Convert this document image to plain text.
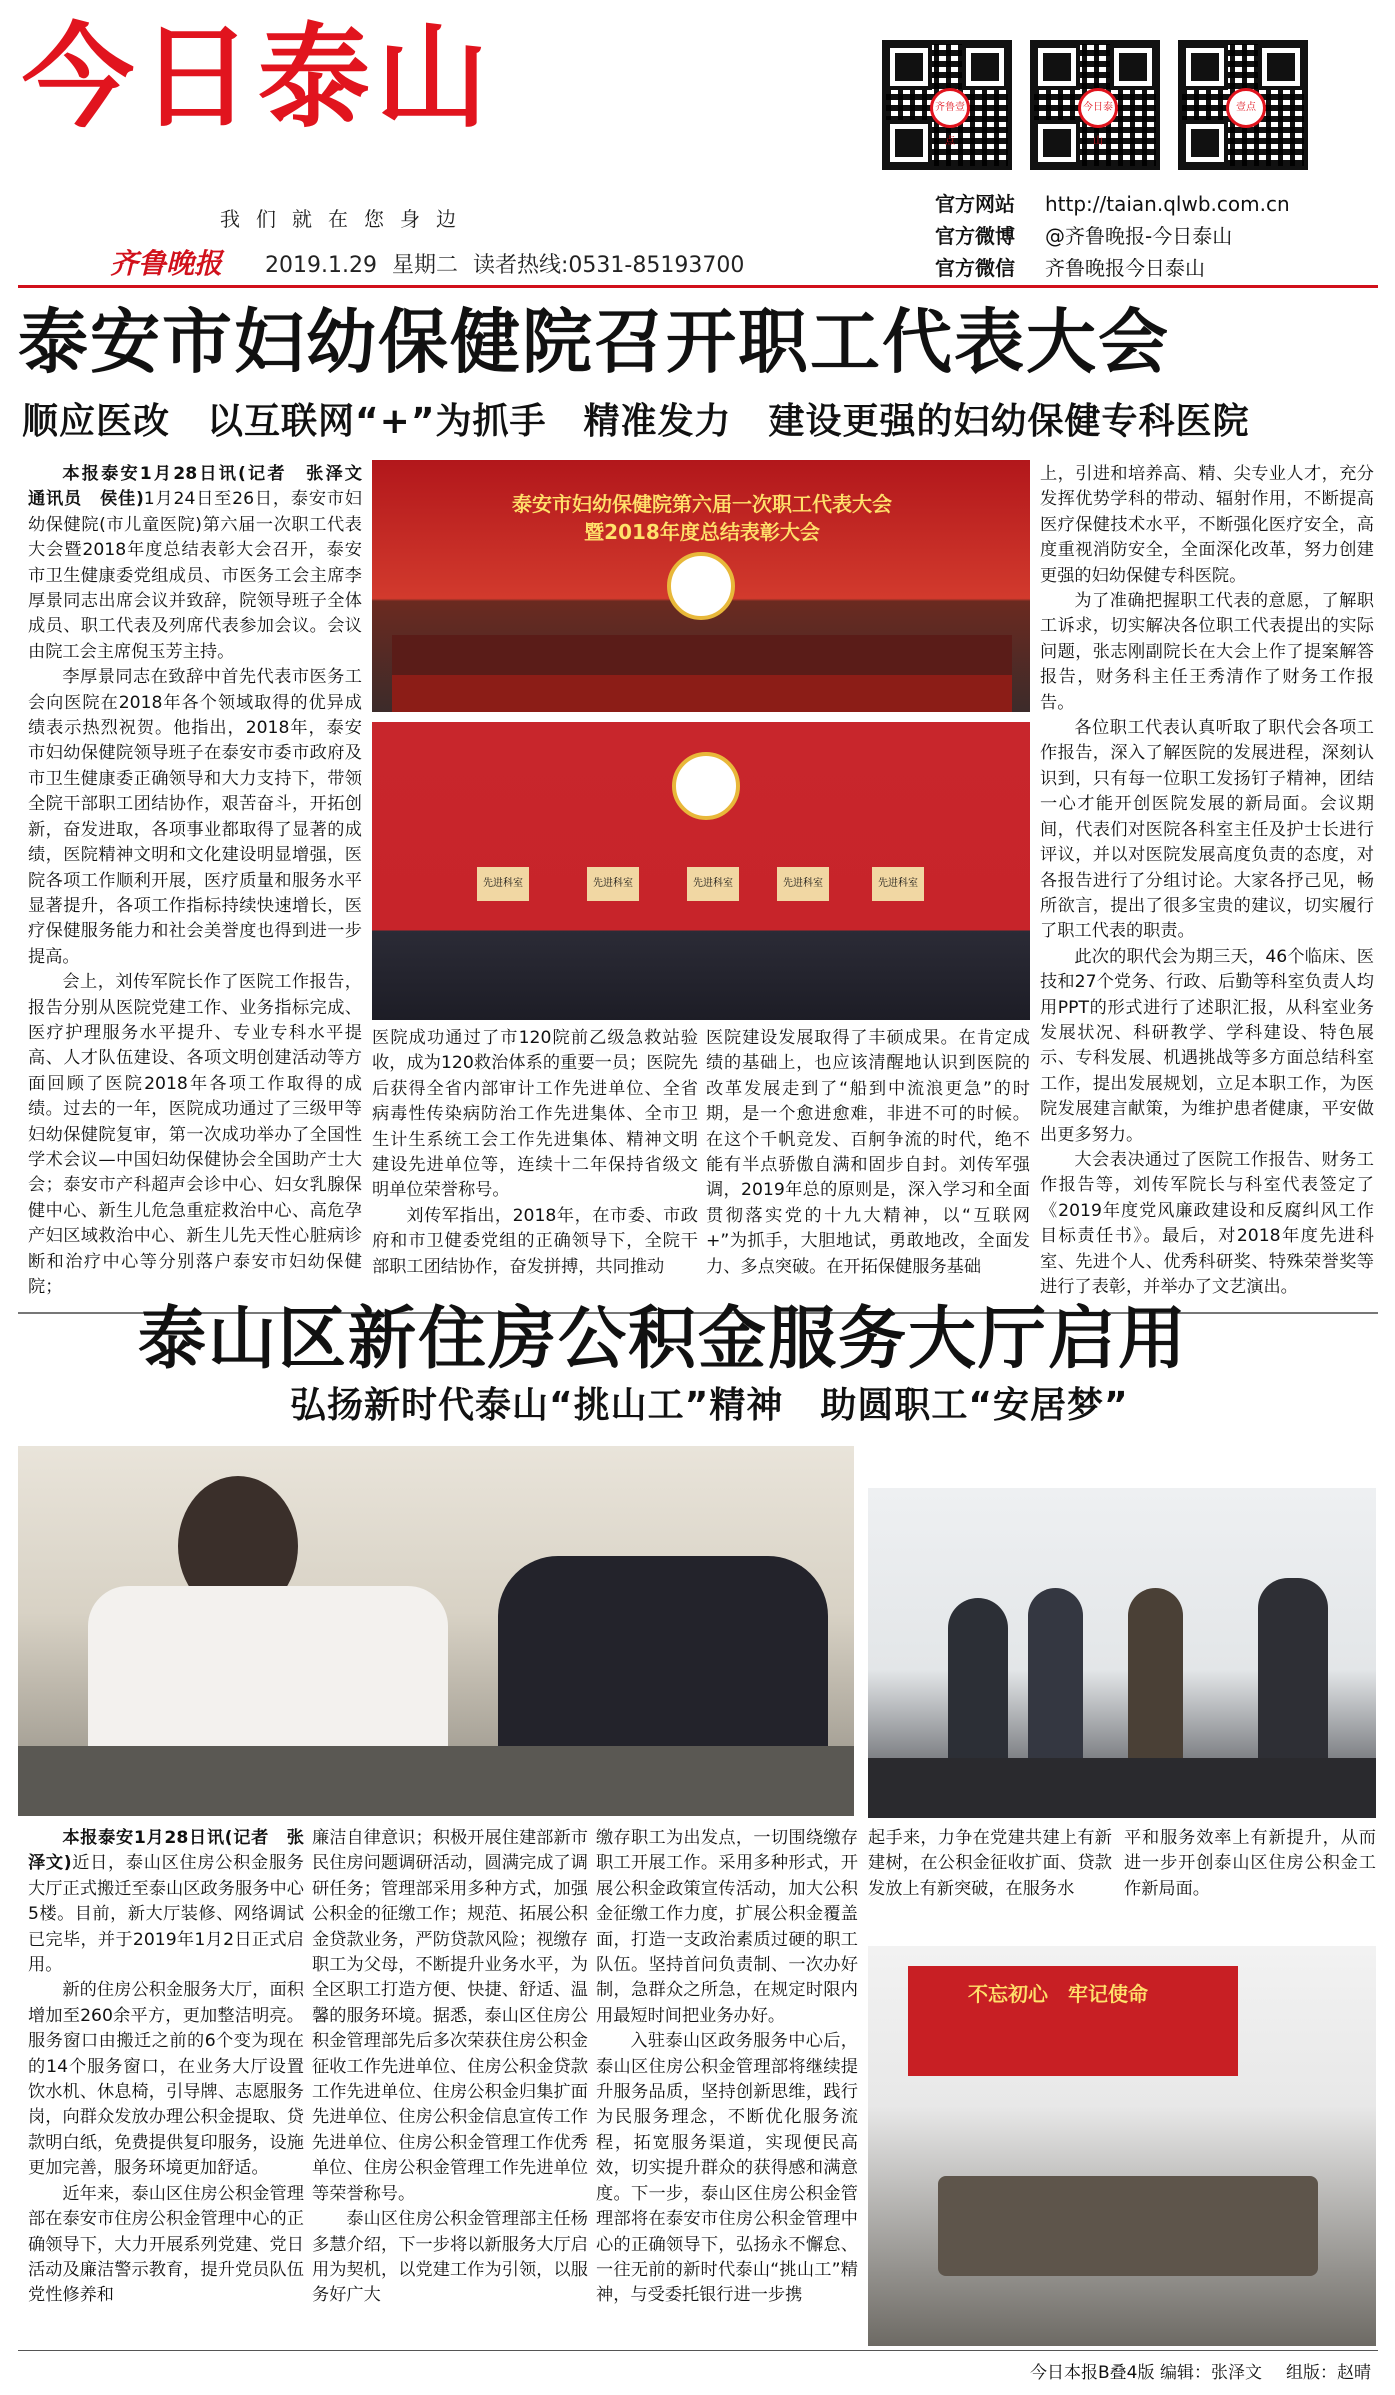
今日泰山
我们就在您身边
齐鲁晚报 2019.1.29 星期二 读者热线:0531-85193700
齐鲁壹点
今日泰山
壹点
官方网站 http://taian.qlwb.com.cn
官方微博 @齐鲁晚报-今日泰山
官方微信 齐鲁晚报今日泰山
泰安市妇幼保健院召开职工代表大会
顺应医改　以互联网“+”为抓手　精准发力　建设更强的妇幼保健专科医院
泰安市妇幼保健院第六届一次职工代表大会
暨2018年度总结表彰大会
先进科室	先进科室	先进科室	先进科室	先进科室

本报泰安1月28日讯(记者　张泽文　通讯员　侯佳)1月24日至26日，泰安市妇幼保健院(市儿童医院)第六届一次职工代表大会暨2018年度总结表彰大会召开，泰安市卫生健康委党组成员、市医务工会主席李厚景同志出席会议并致辞，院领导班子全体成员、职工代表及列席代表参加会议。会议由院工会主席倪玉芳主持。

李厚景同志在致辞中首先代表市医务工会向医院在2018年各个领域取得的优异成绩表示热烈祝贺。他指出，2018年，泰安市妇幼保健院领导班子在泰安市委市政府及市卫生健康委正确领导和大力支持下，带领全院干部职工团结协作，艰苦奋斗，开拓创新，奋发进取，各项事业都取得了显著的成绩，医院精神文明和文化建设明显增强，医院各项工作顺利开展，医疗质量和服务水平显著提升，各项工作指标持续快速增长，医疗保健服务能力和社会美誉度也得到进一步提高。

会上，刘传军院长作了医院工作报告，报告分别从医院党建工作、业务指标完成、医疗护理服务水平提升、专业专科水平提高、人才队伍建设、各项文明创建活动等方面回顾了医院2018年各项工作取得的成绩。过去的一年，医院成功通过了三级甲等妇幼保健院复审，第一次成功举办了全国性学术会议—中国妇幼保健协会全国助产士大会；泰安市产科超声会诊中心、妇女乳腺保健中心、新生儿危急重症救治中心、高危孕产妇区域救治中心、新生儿先天性心脏病诊断和治疗中心等分别落户泰安市妇幼保健院；

医院成功通过了市120院前乙级急救站验收，成为120救治体系的重要一员；医院先后获得全省内部审计工作先进单位、全省病毒性传染病防治工作先进集体、全市卫生计生系统工会工作先进集体、精神文明建设先进单位等，连续十二年保持省级文明单位荣誉称号。

刘传军指出，2018年，在市委、市政府和市卫健委党组的正确领导下，全院干部职工团结协作，奋发拼搏，共同推动

医院建设发展取得了丰硕成果。在肯定成绩的基础上，也应该清醒地认识到医院的改革发展走到了“船到中流浪更急”的时期，是一个愈进愈难，非进不可的时候。在这个千帆竞发、百舸争流的时代，绝不能有半点骄傲自满和固步自封。刘传军强调，2019年总的原则是，深入学习和全面贯彻落实党的十九大精神，以“互联网+”为抓手，大胆地试，勇敢地改，全面发力、多点突破。在开拓保健服务基础

上，引进和培养高、精、尖专业人才，充分发挥优势学科的带动、辐射作用，不断提高医疗保健技术水平，不断强化医疗安全，高度重视消防安全，全面深化改革，努力创建更强的妇幼保健专科医院。

为了准确把握职工代表的意愿，了解职工诉求，切实解决各位职工代表提出的实际问题，张志刚副院长在大会上作了提案解答报告，财务科主任王秀清作了财务工作报告。

各位职工代表认真听取了职代会各项工作报告，深入了解医院的发展进程，深刻认识到，只有每一位职工发扬钉子精神，团结一心才能开创医院发展的新局面。会议期间，代表们对医院各科室主任及护士长进行评议，并以对医院发展高度负责的态度，对各报告进行了分组讨论。大家各抒己见，畅所欲言，提出了很多宝贵的建议，切实履行了职工代表的职责。

此次的职代会为期三天，46个临床、医技和27个党务、行政、后勤等科室负责人均用PPT的形式进行了述职汇报，从科室业务发展状况、科研教学、学科建设、特色展示、专科发展、机遇挑战等多方面总结科室工作，提出发展规划，立足本职工作，为医院发展建言献策，为维护患者健康，平安做出更多努力。

大会表决通过了医院工作报告、财务工作报告等，刘传军院长与科室代表签定了《2019年度党风廉政建设和反腐纠风工作目标责任书》。最后，对2018年度先进科室、先进个人、优秀科研奖、特殊荣誉奖等进行了表彰，并举办了文艺演出。

泰山区新住房公积金服务大厅启用
弘扬新时代泰山“挑山工”精神　助圆职工“安居梦”
不忘初心　牢记使命

本报泰安1月28日讯(记者　张泽文)近日，泰山区住房公积金服务大厅正式搬迁至泰山区政务服务中心5楼。目前，新大厅装修、网络调试已完毕，并于2019年1月2日正式启用。

新的住房公积金服务大厅，面积增加至260余平方，更加整洁明亮。服务窗口由搬迁之前的6个变为现在的14个服务窗口，在业务大厅设置饮水机、休息椅，引导牌、志愿服务岗，向群众发放办理公积金提取、贷款明白纸，免费提供复印服务，设施更加完善，服务环境更加舒适。

近年来，泰山区住房公积金管理部在泰安市住房公积金管理中心的正确领导下，大力开展系列党建、党日活动及廉洁警示教育，提升党员队伍党性修养和

廉洁自律意识；积极开展住建部新市民住房问题调研活动，圆满完成了调研任务；管理部采用多种方式，加强公积金的征缴工作；规范、拓展公积金贷款业务，严防贷款风险；视缴存职工为父母，不断提升业务水平，为全区职工打造方便、快捷、舒适、温馨的服务环境。据悉，泰山区住房公积金管理部先后多次荣获住房公积金征收工作先进单位、住房公积金贷款工作先进单位、住房公积金归集扩面先进单位、住房公积金信息宣传工作先进单位、住房公积金管理工作优秀单位、住房公积金管理工作先进单位等荣誉称号。

泰山区住房公积金管理部主任杨多慧介绍，下一步将以新服务大厅启用为契机，以党建工作为引领，以服务好广大

缴存职工为出发点，一切围绕缴存职工开展工作。采用多种形式，开展公积金政策宣传活动，加大公积金征缴工作力度，扩展公积金覆盖面，打造一支政治素质过硬的职工队伍。坚持首问负责制、一次办好制，急群众之所急，在规定时限内用最短时间把业务办好。

入驻泰山区政务服务中心后，泰山区住房公积金管理部将继续提升服务品质，坚持创新思维，践行为民服务理念，不断优化服务流程，拓宽服务渠道，实现便民高效，切实提升群众的获得感和满意度。下一步，泰山区住房公积金管理部将在泰安市住房公积金管理中心的正确领导下，弘扬永不懈怠、一往无前的新时代泰山“挑山工”精神，与受委托银行进一步携

起手来，力争在党建共建上有新建树，在公积金征收扩面、贷款发放上有新突破，在服务水

平和服务效率上有新提升，从而进一步开创泰山区住房公积金工作新局面。

今日本报B叠4版 编辑：张泽文 组版：赵晴
